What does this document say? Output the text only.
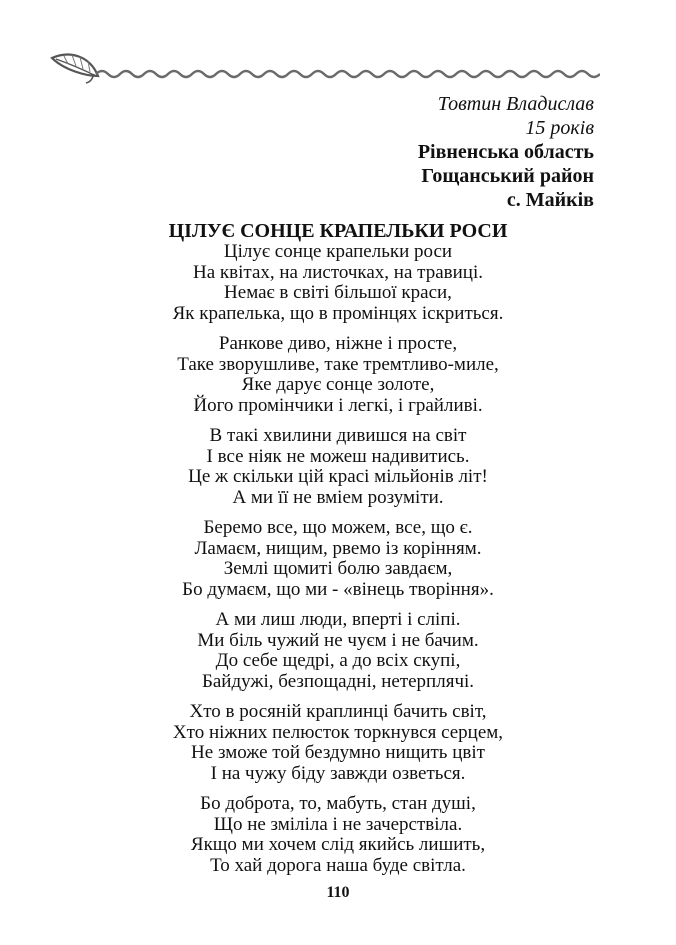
Товтин Владислав
15 років
Рівненська область
Гощанський район
с. Майків
ЦІЛУЄ СОНЦЕ КРАПЕЛЬКИ РОСИ
Цілує сонце крапельки роси
На квітах, на листочках, на травиці.
Немає в світі більшої краси,
Як крапелька, що в промінцях іскриться.
Ранкове диво, ніжне і просте,
Таке зворушливе, таке тремтливо-миле,
Яке дарує сонце золоте,
Його промінчики і легкі, і грайливі.
В такі хвилини дивишся на світ
І все ніяк не можеш надивитись.
Це ж скільки цій красі мільйонів літ!
А ми її не вміем розуміти.
Беремо все, що можем, все, що є.
Ламаєм, нищим, рвемо із корінням.
Землі щомиті болю завдаєм,
Бо думаєм, що ми - «вінець творіння».
А ми лиш люди, вперті і сліпі.
Ми біль чужий не чуєм і не бачим.
До себе щедрі, а до всіх скупі,
Байдужі, безпощадні, нетерплячі.
Хто в росяній краплинці бачить світ,
Хто ніжних пелюсток торкнувся серцем,
Не зможе той бездумно нищить цвіт
І на чужу біду завжди озветься.
Бо доброта, то, мабуть, стан душі,
Що не зміліла і не зачерствіла.
Якщо ми хочем слід якийсь лишить,
То хай дорога наша буде світла.
110
